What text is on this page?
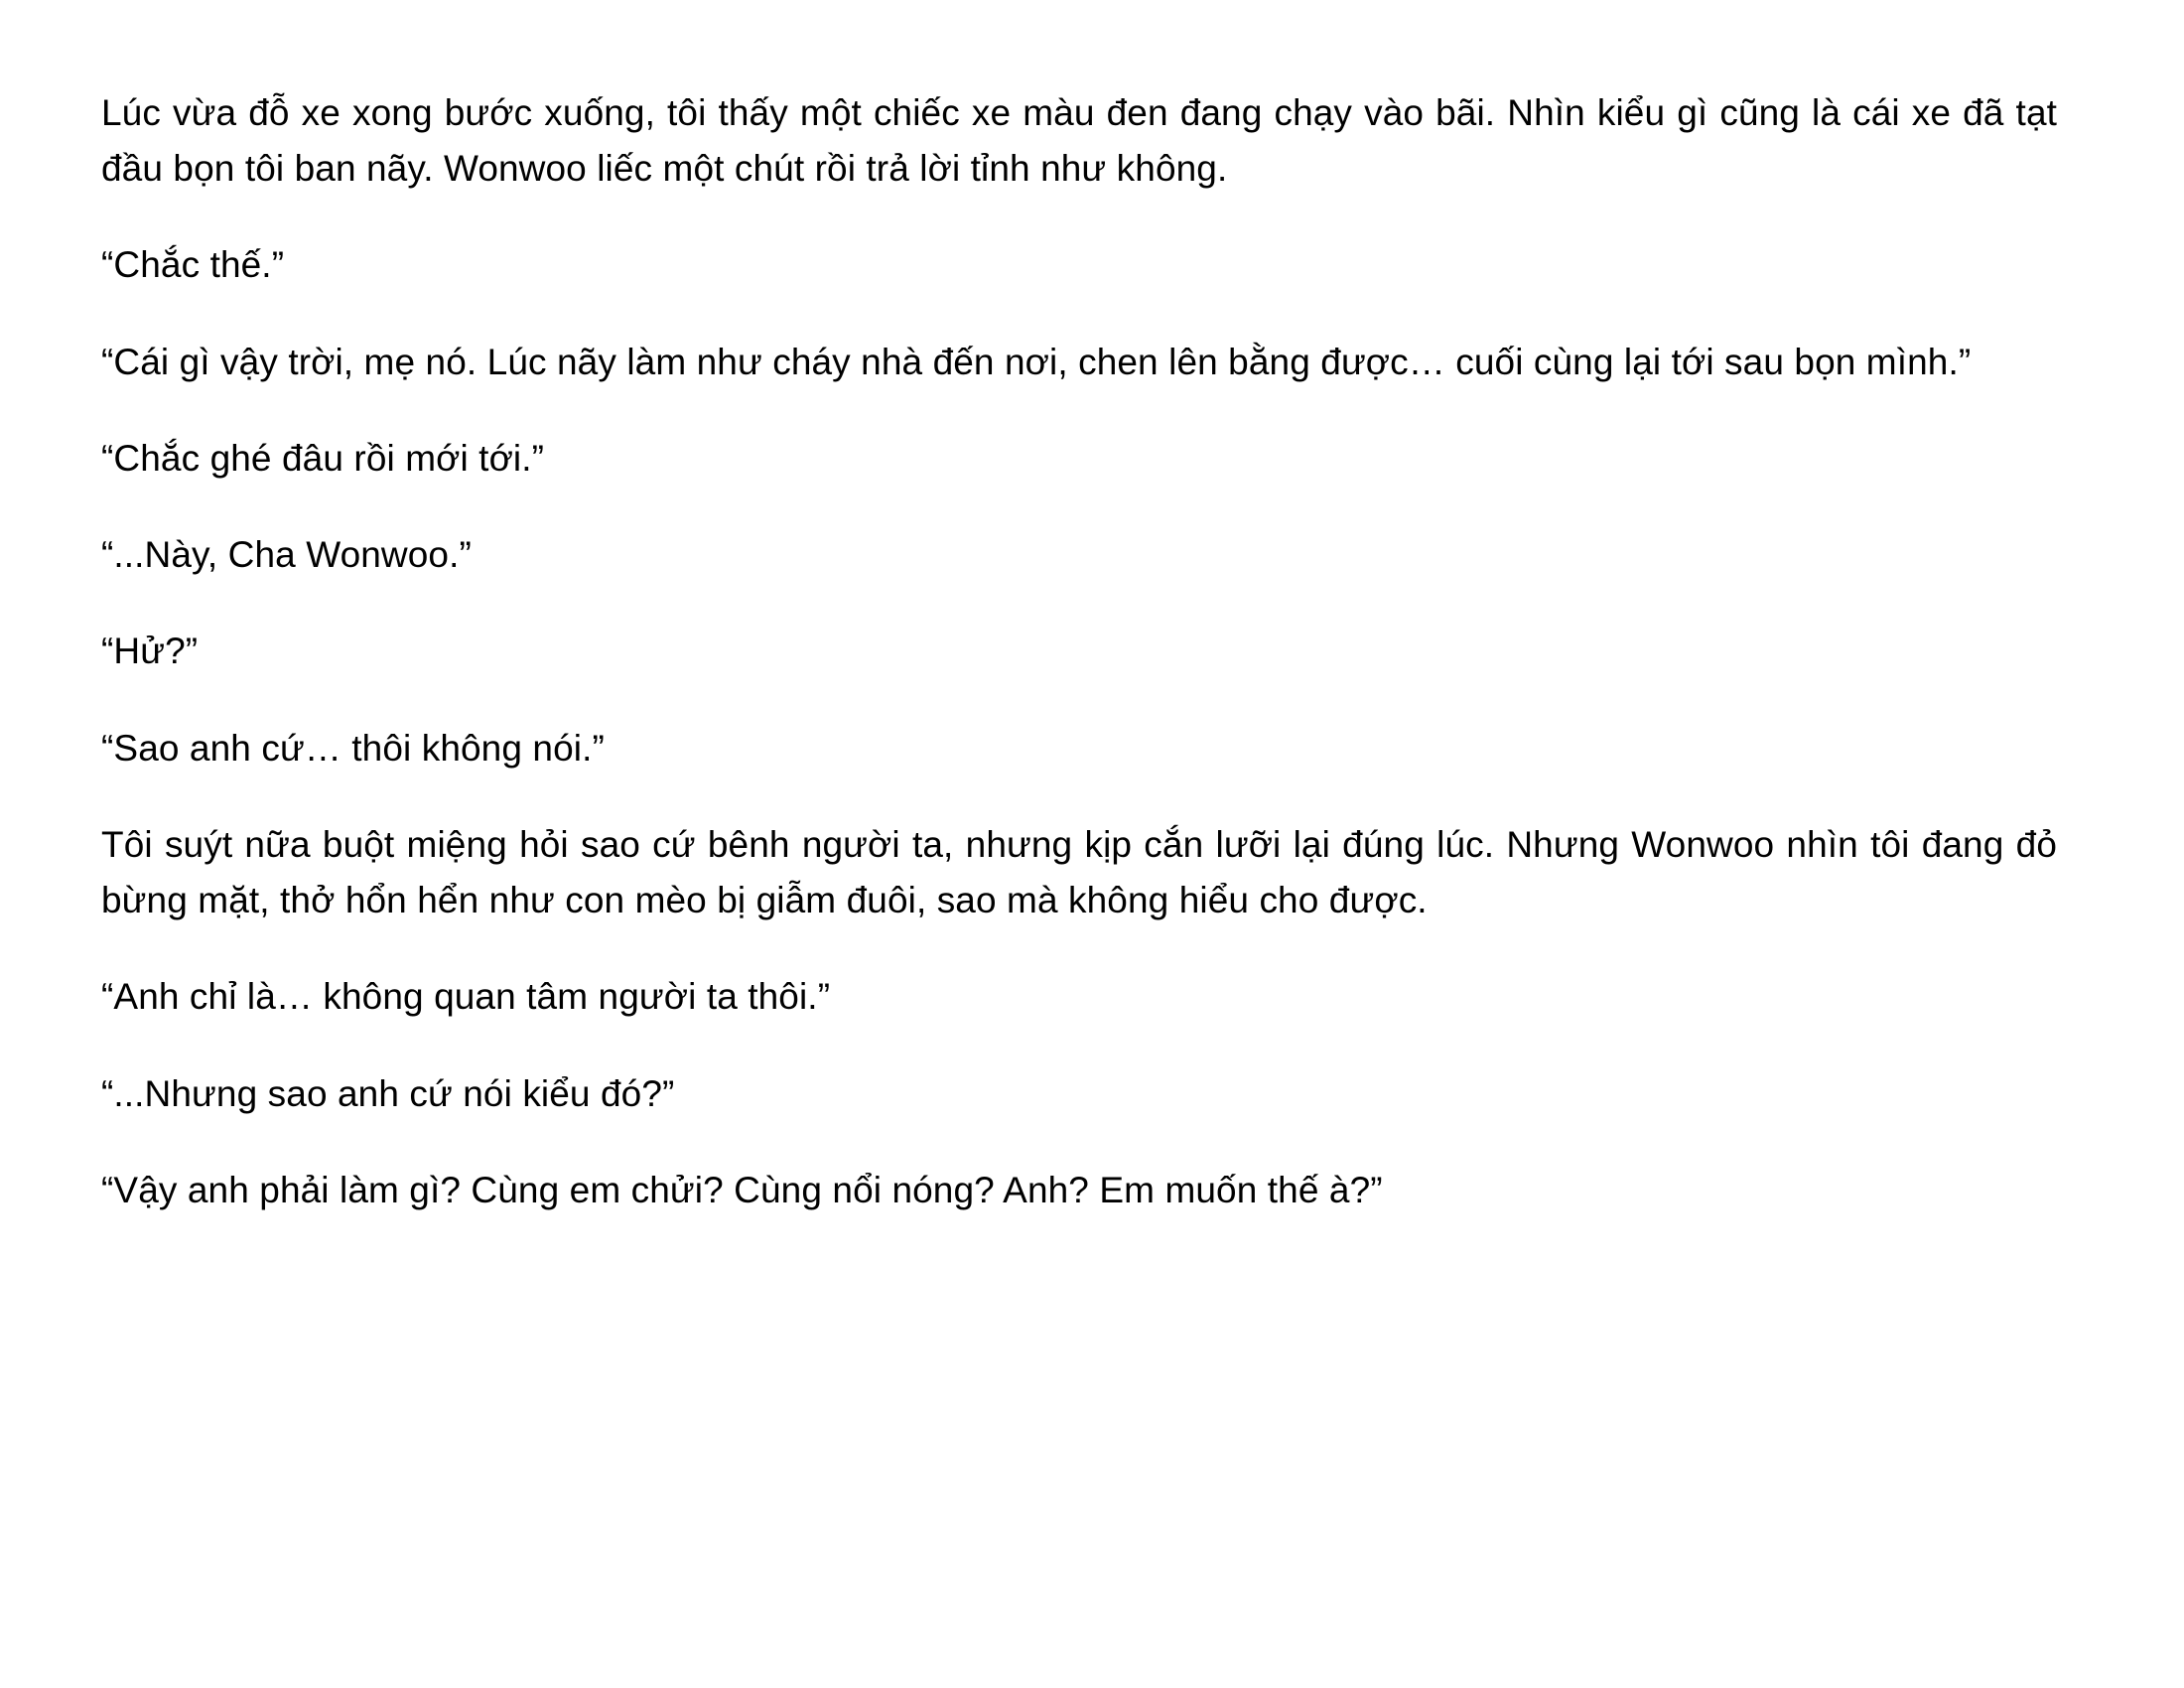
Lúc vừa đỗ xe xong bước xuống, tôi thấy một chiếc xe màu đen đang chạy vào bãi. Nhìn kiểu gì cũng là cái xe đã tạt đầu bọn tôi ban nãy. Wonwoo liếc một chút rồi trả lời tỉnh như không.

“Chắc thế.”

“Cái gì vậy trời, mẹ nó. Lúc nãy làm như cháy nhà đến nơi, chen lên bằng được… cuối cùng lại tới sau bọn mình.”

“Chắc ghé đâu rồi mới tới.”

“...Này, Cha Wonwoo.”

“Hử?”

“Sao anh cứ… thôi không nói.”

Tôi suýt nữa buột miệng hỏi sao cứ bênh người ta, nhưng kịp cắn lưỡi lại đúng lúc. Nhưng Wonwoo nhìn tôi đang đỏ bừng mặt, thở hổn hển như con mèo bị giẫm đuôi, sao mà không hiểu cho được.

“Anh chỉ là… không quan tâm người ta thôi.”

“...Nhưng sao anh cứ nói kiểu đó?”

“Vậy anh phải làm gì? Cùng em chửi? Cùng nổi nóng? Anh? Em muốn thế à?”
